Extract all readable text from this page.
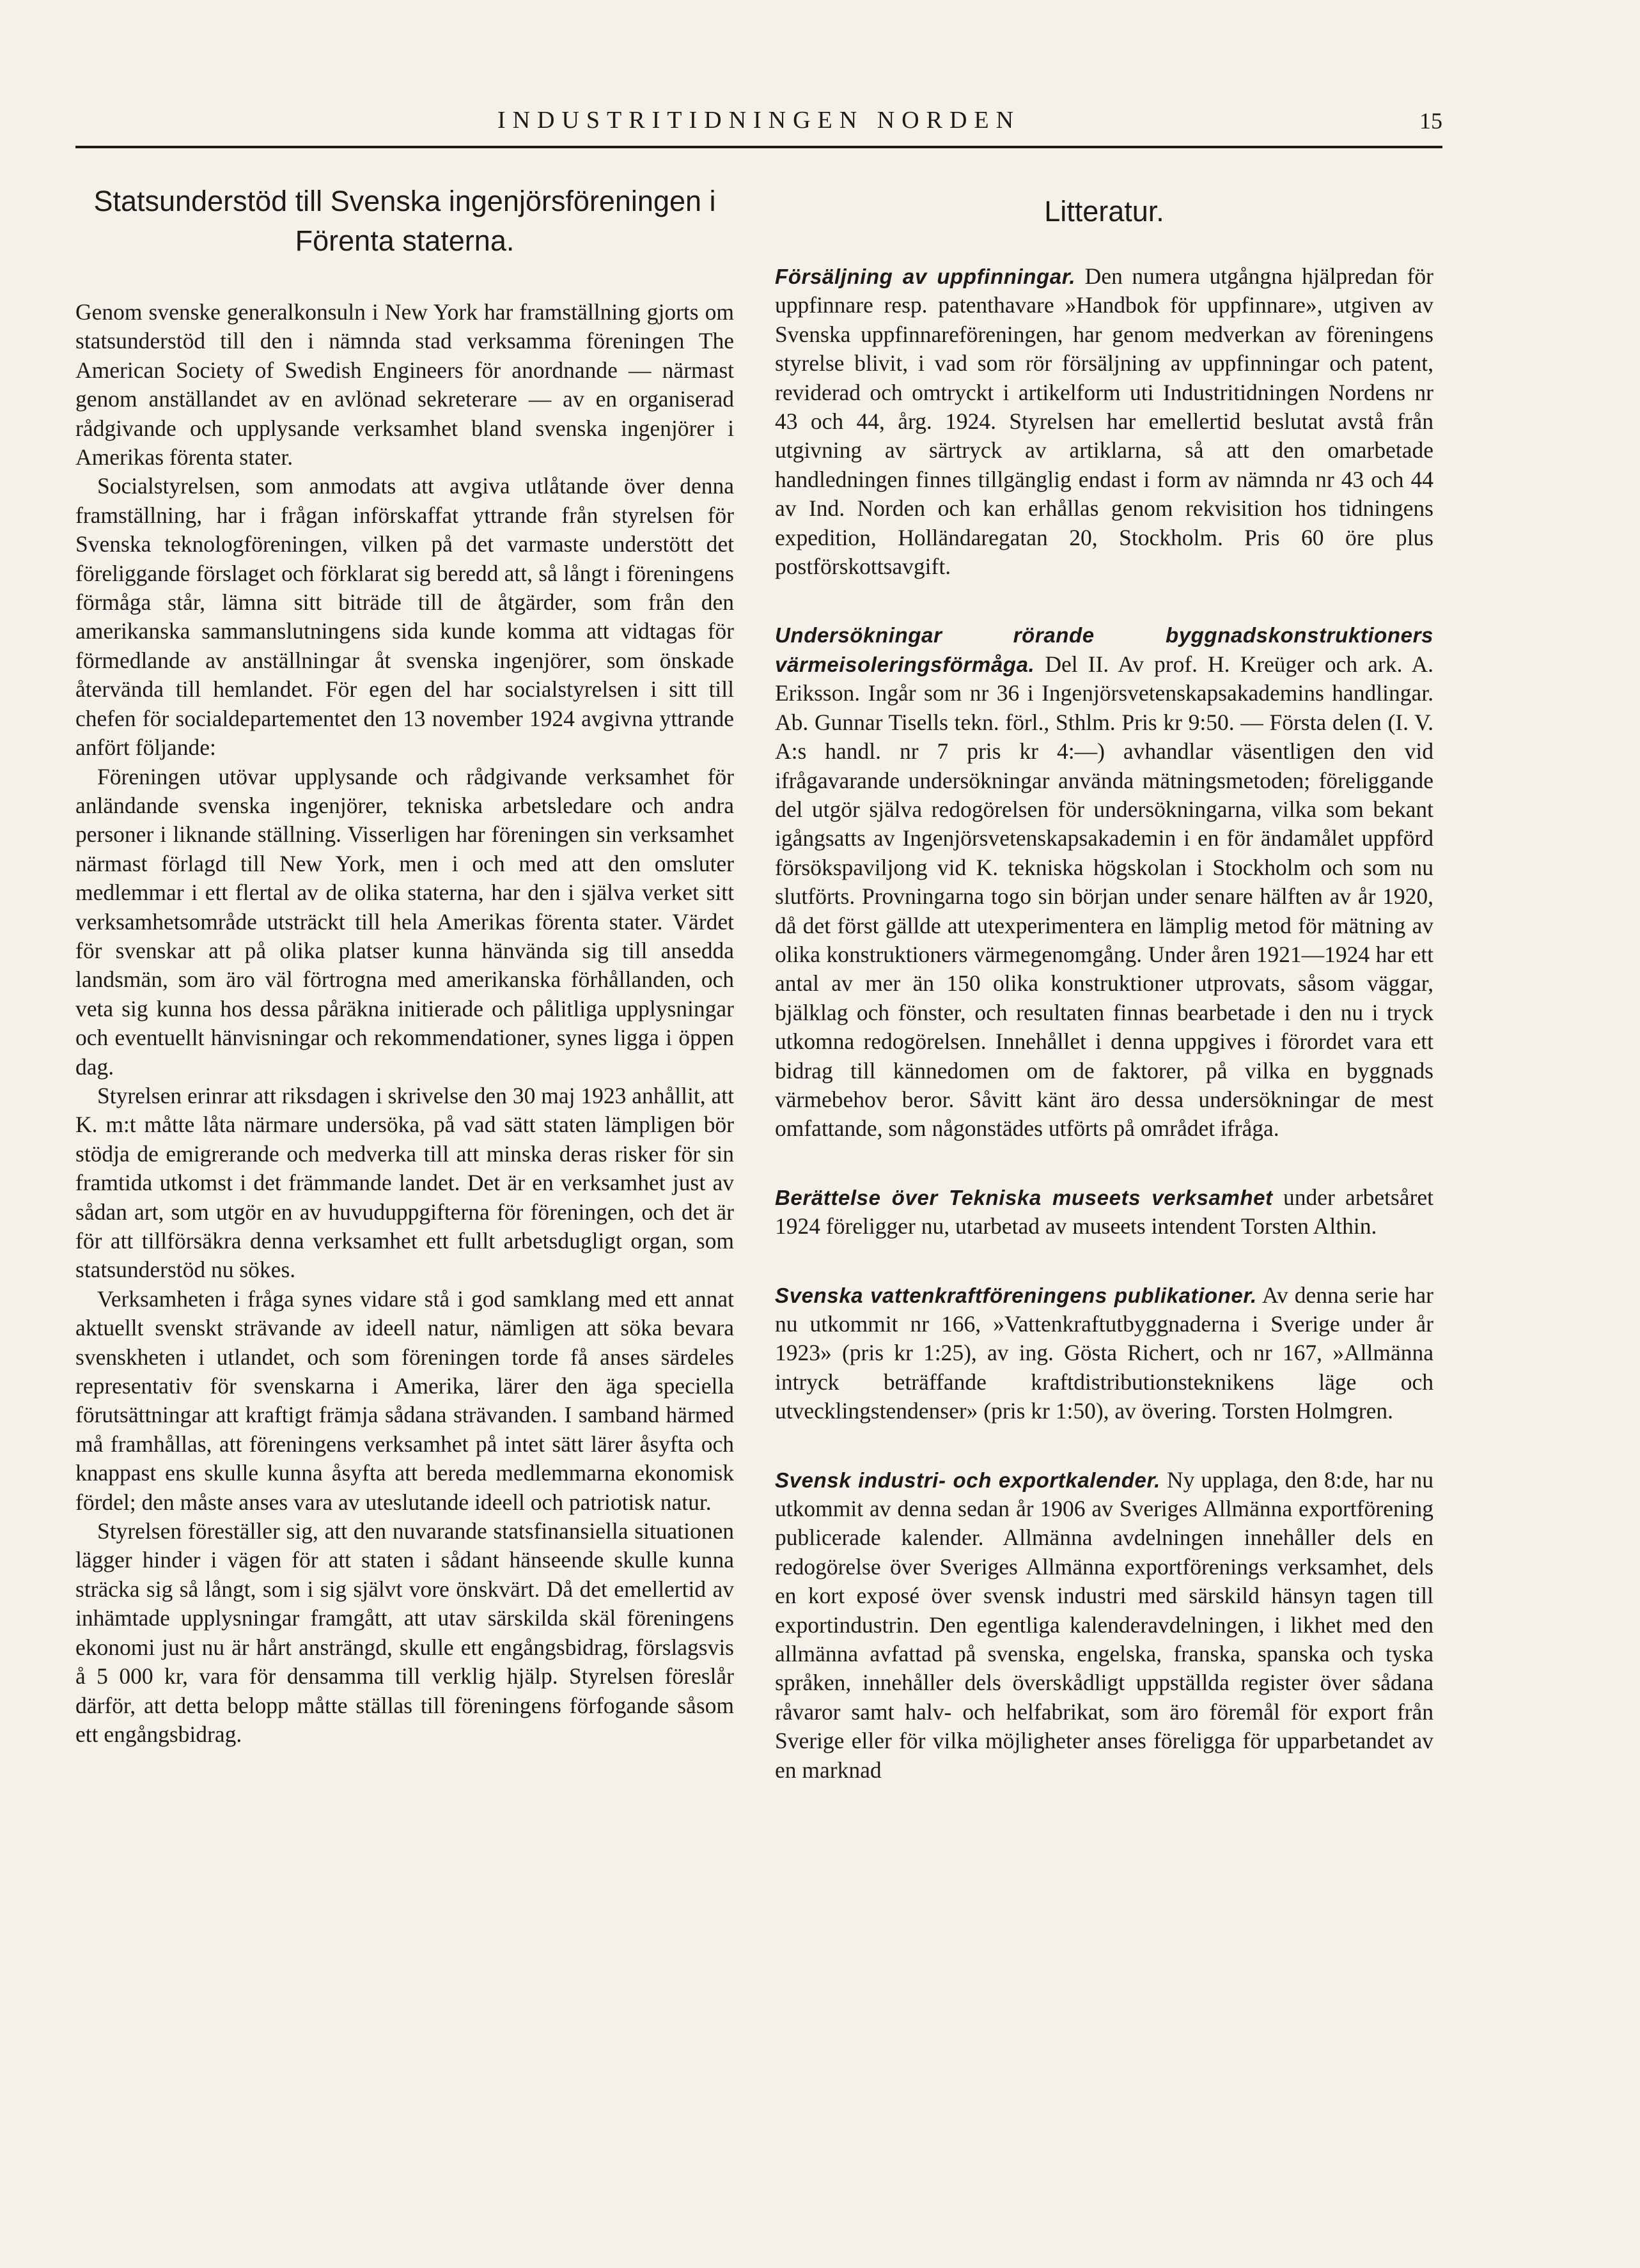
INDUSTRITIDNINGEN NORDEN	15
Statsunderstöd till Svenska ingenjörsföreningen i Förenta staterna.

Genom svenske generalkonsuln i New York har framställning gjorts om statsunderstöd till den i nämnda stad verksamma föreningen The American Society of Swedish Engineers för anordnande — närmast genom anställandet av en avlönad sekreterare — av en organiserad rådgivande och upplysande verksamhet bland svenska ingenjörer i Amerikas förenta stater.

Socialstyrelsen, som anmodats att avgiva utlåtande över denna framställning, har i frågan införskaffat yttrande från styrelsen för Svenska teknologföreningen, vilken på det varmaste understött det föreliggande förslaget och förklarat sig beredd att, så långt i föreningens förmåga står, lämna sitt biträde till de åtgärder, som från den amerikanska sammanslutningens sida kunde komma att vidtagas för förmedlande av anställningar åt svenska ingenjörer, som önskade återvända till hemlandet. För egen del har socialstyrelsen i sitt till chefen för socialdepartementet den 13 november 1924 avgivna yttrande anfört följande:

Föreningen utövar upplysande och rådgivande verksamhet för anländande svenska ingenjörer, tekniska arbetsledare och andra personer i liknande ställning. Visserligen har föreningen sin verksamhet närmast förlagd till New York, men i och med att den omsluter medlemmar i ett flertal av de olika staterna, har den i själva verket sitt verksamhetsområde utsträckt till hela Amerikas förenta stater. Värdet för svenskar att på olika platser kunna hänvända sig till ansedda landsmän, som äro väl förtrogna med amerikanska förhållanden, och veta sig kunna hos dessa påräkna initierade och pålitliga upplysningar och eventuellt hänvisningar och rekommendationer, synes ligga i öppen dag.

Styrelsen erinrar att riksdagen i skrivelse den 30 maj 1923 anhållit, att K. m:t måtte låta närmare undersöka, på vad sätt staten lämpligen bör stödja de emigrerande och medverka till att minska deras risker för sin framtida utkomst i det främmande landet. Det är en verksamhet just av sådan art, som utgör en av huvuduppgifterna för föreningen, och det är för att tillförsäkra denna verksamhet ett fullt arbetsdugligt organ, som statsunderstöd nu sökes.

Verksamheten i fråga synes vidare stå i god samklang med ett annat aktuellt svenskt strävande av ideell natur, nämligen att söka bevara svenskheten i utlandet, och som föreningen torde få anses särdeles representativ för svenskarna i Amerika, lärer den äga speciella förutsättningar att kraftigt främja sådana strävanden. I samband härmed må framhållas, att föreningens verksamhet på intet sätt lärer åsyfta och knappast ens skulle kunna åsyfta att bereda medlemmarna ekonomisk fördel; den måste anses vara av uteslutande ideell och patriotisk natur.

Styrelsen föreställer sig, att den nuvarande statsfinansiella situationen lägger hinder i vägen för att staten i sådant hänseende skulle kunna sträcka sig så långt, som i sig självt vore önskvärt. Då det emellertid av inhämtade upplysningar framgått, att utav särskilda skäl föreningens ekonomi just nu är hårt ansträngd, skulle ett engångsbidrag, förslagsvis å 5 000 kr, vara för densamma till verklig hjälp. Styrelsen föreslår därför, att detta belopp måtte ställas till föreningens förfogande såsom ett engångsbidrag.

Litteratur.

Försäljning av uppfinningar. Den numera utgångna hjälpredan för uppfinnare resp. patenthavare »Handbok för uppfinnare», utgiven av Svenska uppfinnareföreningen, har genom medverkan av föreningens styrelse blivit, i vad som rör försäljning av uppfinningar och patent, reviderad och omtryckt i artikelform uti Industritidningen Nordens nr 43 och 44, årg. 1924. Styrelsen har emellertid beslutat avstå från utgivning av särtryck av artiklarna, så att den omarbetade handledningen finnes tillgänglig endast i form av nämnda nr 43 och 44 av Ind. Norden och kan erhållas genom rekvisition hos tidningens expedition, Holländaregatan 20, Stockholm. Pris 60 öre plus postförskottsavgift.

Undersökningar rörande byggnadskonstruktioners värmeisoleringsförmåga. Del II. Av prof. H. Kreüger och ark. A. Eriksson. Ingår som nr 36 i Ingenjörsvetenskapsakademins handlingar. Ab. Gunnar Tisells tekn. förl., Sthlm. Pris kr 9:50. — Första delen (I. V. A:s handl. nr 7 pris kr 4:—) avhandlar väsentligen den vid ifrågavarande undersökningar använda mätningsmetoden; föreliggande del utgör själva redogörelsen för undersökningarna, vilka som bekant igångsatts av Ingenjörsvetenskapsakademin i en för ändamålet uppförd försökspaviljong vid K. tekniska högskolan i Stockholm och som nu slutförts. Provningarna togo sin början under senare hälften av år 1920, då det först gällde att utexperimentera en lämplig metod för mätning av olika konstruktioners värmegenomgång. Under åren 1921—1924 har ett antal av mer än 150 olika konstruktioner utprovats, såsom väggar, bjälklag och fönster, och resultaten finnas bearbetade i den nu i tryck utkomna redogörelsen. Innehållet i denna uppgives i förordet vara ett bidrag till kännedomen om de faktorer, på vilka en byggnads värmebehov beror. Såvitt känt äro dessa undersökningar de mest omfattande, som någonstädes utförts på området ifråga.

Berättelse över Tekniska museets verksamhet under arbetsåret 1924 föreligger nu, utarbetad av museets intendent Torsten Althin.

Svenska vattenkraftföreningens publikationer. Av denna serie har nu utkommit nr 166, »Vattenkraftutbyggnaderna i Sverige under år 1923» (pris kr 1:25), av ing. Gösta Richert, och nr 167, »Allmänna intryck beträffande kraftdistributionsteknikens läge och utvecklingstendenser» (pris kr 1:50), av övering. Torsten Holmgren.

Svensk industri- och exportkalender. Ny upplaga, den 8:de, har nu utkommit av denna sedan år 1906 av Sveriges Allmänna exportförening publicerade kalender. Allmänna avdelningen innehåller dels en redogörelse över Sveriges Allmänna exportförenings verksamhet, dels en kort exposé över svensk industri med särskild hänsyn tagen till exportindustrin. Den egentliga kalenderavdelningen, i likhet med den allmänna avfattad på svenska, engelska, franska, spanska och tyska språken, innehåller dels överskådligt uppställda register över sådana råvaror samt halv- och helfabrikat, som äro föremål för export från Sverige eller för vilka möjligheter anses föreligga för upparbetandet av en marknad
